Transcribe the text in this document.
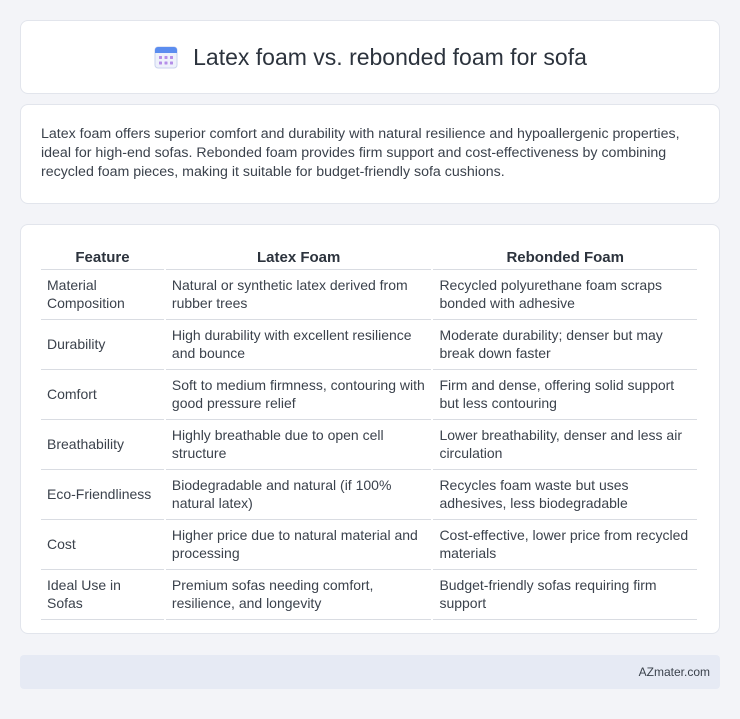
Latex foam vs. rebonded foam for sofa

Latex foam offers superior comfort and durability with natural resilience and hypoallergenic properties, ideal for high-end sofas. Rebonded foam provides firm support and cost-effectiveness by combining recycled foam pieces, making it suitable for budget-friendly sofa cushions.

Feature	Latex Foam	Rebonded Foam
Material Composition	Natural or synthetic latex derived from rubber trees	Recycled polyurethane foam scraps bonded with adhesive
Durability	High durability with excellent resilience and bounce	Moderate durability; denser but may break down faster
Comfort	Soft to medium firmness, contouring with good pressure relief	Firm and dense, offering solid support but less contouring
Breathability	Highly breathable due to open cell structure	Lower breathability, denser and less air circulation
Eco-Friendliness	Biodegradable and natural (if 100% natural latex)	Recycles foam waste but uses adhesives, less biodegradable
Cost	Higher price due to natural material and processing	Cost-effective, lower price from recycled materials
Ideal Use in Sofas	Premium sofas needing comfort, resilience, and longevity	Budget-friendly sofas requiring firm support
AZmater.com
